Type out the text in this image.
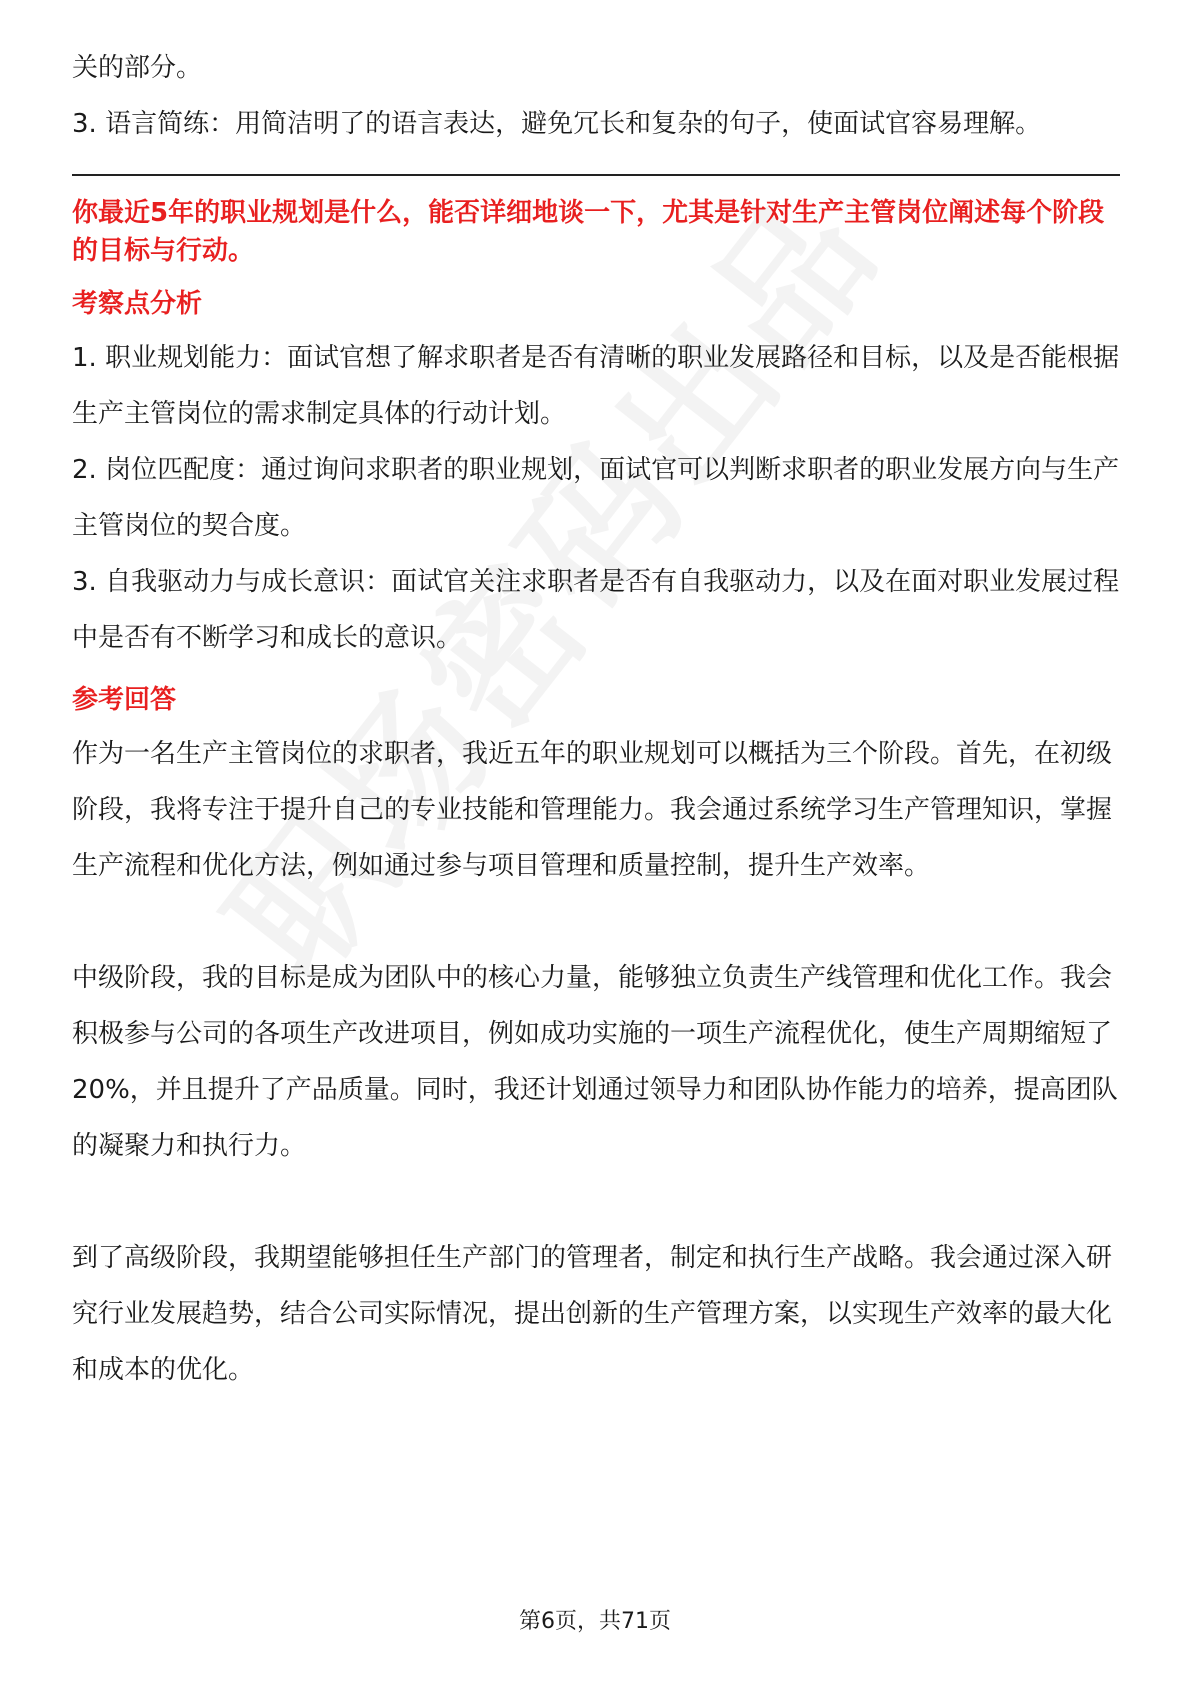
关的部分。

3. 语言简练：用简洁明了的语言表达，避免冗长和复杂的句子，使面试官容易理解。

你最近5年的职业规划是什么，能否详细地谈一下，尤其是针对生产主管岗位阐述每个阶段的目标与行动。

考察点分析

1. 职业规划能力：面试官想了解求职者是否有清晰的职业发展路径和目标，以及是否能根据生产主管岗位的需求制定具体的行动计划。

2. 岗位匹配度：通过询问求职者的职业规划，面试官可以判断求职者的职业发展方向与生产主管岗位的契合度。

3. 自我驱动力与成长意识：面试官关注求职者是否有自我驱动力，以及在面对职业发展过程中是否有不断学习和成长的意识。

参考回答

作为一名生产主管岗位的求职者，我近五年的职业规划可以概括为三个阶段。首先，在初级阶段，我将专注于提升自己的专业技能和管理能力。我会通过系统学习生产管理知识，掌握生产流程和优化方法，例如通过参与项目管理和质量控制，提升生产效率。

中级阶段，我的目标是成为团队中的核心力量，能够独立负责生产线管理和优化工作。我会积极参与公司的各项生产改进项目，例如成功实施的一项生产流程优化，使生产周期缩短了20%，并且提升了产品质量。同时，我还计划通过领导力和团队协作能力的培养，提高团队的凝聚力和执行力。

到了高级阶段，我期望能够担任生产部门的管理者，制定和执行生产战略。我会通过深入研究行业发展趋势，结合公司实际情况，提出创新的生产管理方案，以实现生产效率的最大化和成本的优化。

第6页，共71页
